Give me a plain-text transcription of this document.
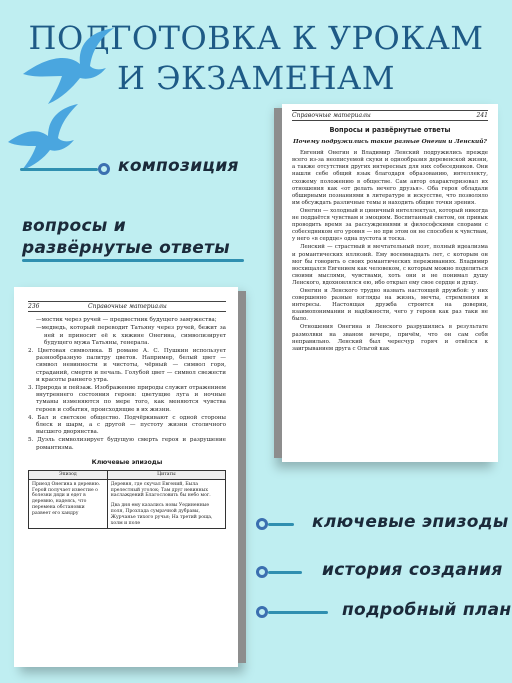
ПОДГОТОВКА К УРОКАМ
И ЭКЗАМЕНАМ
композиция
вопросы и
развёрнутые ответы
ключевые эпизоды
история создания
подробный план
Справочные материалы	241
Вопросы и развёрнутые ответы
Почему подружились такие разные Онегин и Ленский?

Евгений Онегин и Владимир Ленский подружились прежде всего из-за неописуемой скуки и однообразия деревенской жизни, а также отсутствия других интересных для них собеседников. Они нашли себе общий язык благодаря образованию, интеллекту, схожему положению в обществе. Сам автор охарактеризовал их отношения как «от делать нечего друзья». Оба героя обладали обширными познаниями в литературе и искусстве, что позволяло им обсуждать различные темы и находить общие точки зрения.

Онегин — холодный и циничный интеллектуал, который никогда не поддаётся чувствам и эмоциям. Воспитанный светом, он привык проводить время за рассуждениями и философскими спорами с собеседником его уровня — но при этом он не способен к чувствам, у него «в сердце» одна пустота и тоска.

Ленский — страстный и мечтательный поэт, полный идеализма и романтических иллюзий. Ему восемнадцать лет, с которым он мог бы говорить о своих романтических переживаниях. Владимир восхищался Евгением как человеком, с которым можно поделиться своими мыслями, чувствами, хоть они и не понимал душу Ленского, вдохновлялся ею, ибо открыл ему свое сердце и душу.

Онегин и Ленского трудно назвать настоящей дружбой: у них совершенно разные взгляды на жизнь, мечты, стремления и интересы. Настоящая дружба строится на доверии, взаимопонимании и надёжности, чего у героев как раз таки не было.

Отношения Онегина и Ленского разрушились в результате размолвки на званом вечере, причём, что он сам себя неправильно. Ленский был чересчур горяч и отвёлся к заигрыванием друга с Ольгой как

236	Справочные материалы

—мостик через ручей — предвестник будущего замужества;

—медведь, который переводит Татьяну через ручей, бежит за ней и приносит её к хижине Онегина, символизирует будущего мужа Татьяны, генерала.

2. Цветовая символика. В романе А. С. Пушкин использует разнообразную палитру цветов. Например, белый цвет — символ невинности и чистоты, чёрный — символ горя, страданий, смерти и печаль. Голубой цвет — символ свежести и красоты раннего утра.

3. Природа и пейзаж. Изображение природы служит отражением внутреннего состояния героев: цветущие луга и ночные туманы изменяются по мере того, как меняются чувства героев и события, происходящие в их жизни.

4. Бал и светское общество. Подчёркивают с одной стороны блеск и шарм, а с другой — пустоту жизни столичного высшего дворянства.

5. Дуэль символизирует будущую смерть героя и разрушение романтизма.

Ключевые эпизоды
Эпизод	Цитаты
Приезд Онегина в деревню. Герой получает известие о болезни дяди и едет в деревню, надеясь, что перемена обстановки развеет его хандру	Деревня, где скучал Евгений, Была прелестный уголок; Там друг невинных наслаждений Благословить бы небо мог.
Два дня ему казались новы Уединенные поля, Прохлада сумрачной дубравы, Журчанье тихого ручья; На третий роща, холм и поле
